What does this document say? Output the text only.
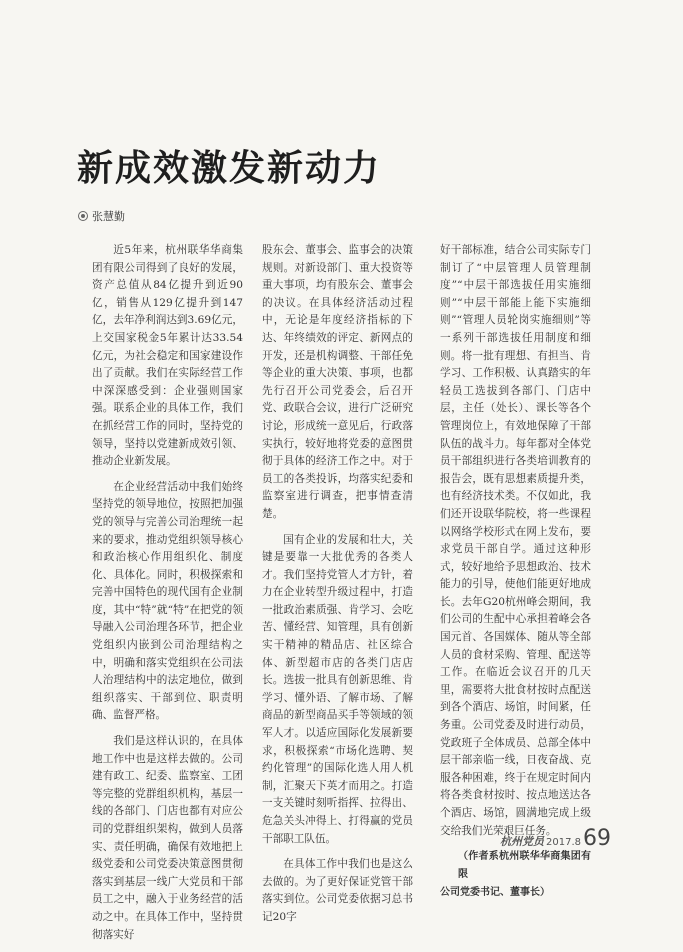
新成效激发新动力
张慧勤

近5年来，杭州联华华商集团有限公司得到了良好的发展，资产总值从84亿提升到近90亿，销售从129亿提升到147亿，去年净利润达到3.69亿元，上交国家税金5年累计达33.54亿元，为社会稳定和国家建设作出了贡献。我们在实际经营工作中深深感受到：企业强则国家强。联系企业的具体工作，我们在抓经营工作的同时，坚持党的领导，坚持以党建新成效引领、推动企业新发展。

在企业经营活动中我们始终坚持党的领导地位，按照把加强党的领导与完善公司治理统一起来的要求，推动党组织领导核心和政治核心作用组织化、制度化、具体化。同时，积极探索和完善中国特色的现代国有企业制度，其中“特”就“特”在把党的领导融入公司治理各环节，把企业党组织内嵌到公司治理结构之中，明确和落实党组织在公司法人治理结构中的法定地位，做到组织落实、干部到位、职责明确、监督严格。

我们是这样认识的，在具体地工作中也是这样去做的。公司建有政工、纪委、监察室、工团等完整的党群组织机构，基层一线的各部门、门店也都有对应公司的党群组织架构，做到人员落实、责任明确，确保有效地把上级党委和公司党委决策意图贯彻落实到基层一线广大党员和干部员工之中，融入于业务经营的活动之中。在具体工作中，坚持贯彻落实好

股东会、董事会、监事会的决策规则。对新设部门、重大投资等重大事项，均有股东会、董事会的决议。在具体经济活动过程中，无论是年度经济指标的下达、年终绩效的评定、新网点的开发，还是机构调整、干部任免等企业的重大决策、事项，也都先行召开公司党委会，后召开党、政联合会议，进行广泛研究讨论，形成统一意见后，行政落实执行，较好地将党委的意图贯彻于具体的经济工作之中。对于员工的各类投诉，均落实纪委和监察室进行调查，把事情查清楚。

国有企业的发展和壮大，关键是要靠一大批优秀的各类人才。我们坚持党管人才方针，着力在企业转型升级过程中，打造一批政治素质强、肯学习、会吃苦、懂经营、知管理，具有创新实干精神的精品店、社区综合体、新型超市店的各类门店店长。选拔一批具有创新思维、肯学习、懂外语、了解市场、了解商品的新型商品买手等领域的领军人才。以适应国际化发展新要求，积极探索“市场化选聘、契约化管理”的国际化选人用人机制，汇聚天下英才而用之。打造一支关键时刻听指挥、拉得出、危急关头冲得上、打得赢的党员干部职工队伍。

在具体工作中我们也是这么去做的。为了更好保证党管干部落实到位。公司党委依据习总书记20字

好干部标准，结合公司实际专门制订了“中层管理人员管理制度”“中层干部选拔任用实施细则”“中层干部能上能下实施细则”“管理人员轮岗实施细则”等一系列干部选拔任用制度和细则。将一批有理想、有担当、肯学习、工作积极、认真踏实的年轻员工选拔到各部门、门店中层，主任（处长）、课长等各个管理岗位上，有效地保障了干部队伍的战斗力。每年都对全体党员干部组织进行各类培训教育的报告会，既有思想素质提升类，也有经济技术类。不仅如此，我们还开设联华院校，将一些课程以网络学校形式在网上发布，要求党员干部自学。通过这种形式，较好地给予思想政治、技术能力的引导，使他们能更好地成长。去年G20杭州峰会期间，我们公司的生配中心承担着峰会各国元首、各国媒体、随从等全部人员的食材采购、管理、配送等工作。在临近会议召开的几天里，需要将大批食材按时点配送到各个酒店、场馆，时间紧，任务重。公司党委及时进行动员，党政班子全体成员、总部全体中层干部亲临一线，日夜奋战、克服各种困难，终于在规定时间内将各类食材按时、按点地送达各个酒店、场馆，圆满地完成上级交给我们光荣艰巨任务。

（作者系杭州联华华商集团有限
公司党委书记、董事长）
杭州党员 2017.8 69
